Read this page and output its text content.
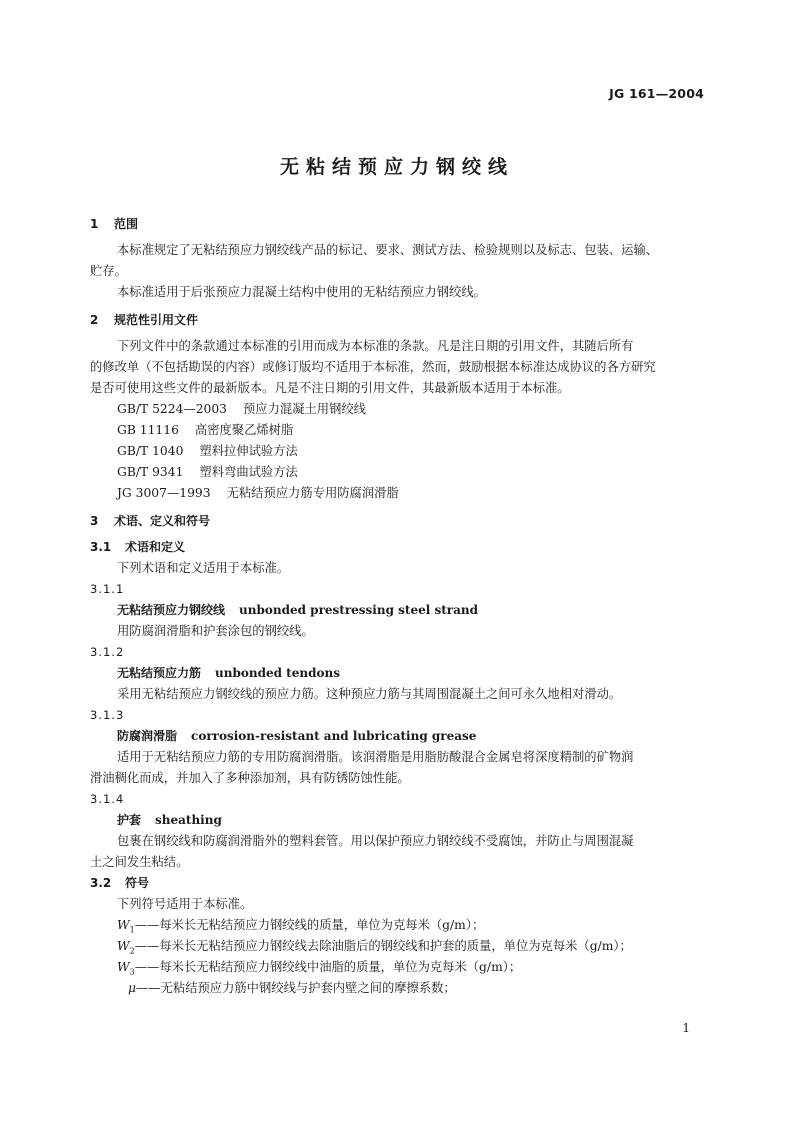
JG 161—2004
无粘结预应力钢绞线
1 范围
本标准规定了无粘结预应力钢绞线产品的标记、要求、测试方法、检验规则以及标志、包装、运输、
贮存。
本标准适用于后张预应力混凝土结构中使用的无粘结预应力钢绞线。
2 规范性引用文件
下列文件中的条款通过本标准的引用而成为本标准的条款。凡是注日期的引用文件，其随后所有
的修改单（不包括勘误的内容）或修订版均不适用于本标准，然而，鼓励根据本标准达成协议的各方研究
是否可使用这些文件的最新版本。凡是不注日期的引用文件，其最新版本适用于本标准。
GB/T 5224—2003 预应力混凝土用钢绞线
GB 11116 高密度聚乙烯树脂
GB/T 1040 塑料拉伸试验方法
GB/T 9341 塑料弯曲试验方法
JG 3007—1993 无粘结预应力筋专用防腐润滑脂
3 术语、定义和符号
3.1 术语和定义
下列术语和定义适用于本标准。
3.1.1
无粘结预应力钢绞线 unbonded prestressing steel strand
用防腐润滑脂和护套涂包的钢绞线。
3.1.2
无粘结预应力筋 unbonded tendons
采用无粘结预应力钢绞线的预应力筋。这种预应力筋与其周围混凝土之间可永久地相对滑动。
3.1.3
防腐润滑脂 corrosion-resistant and lubricating grease
适用于无粘结预应力筋的专用防腐润滑脂。该润滑脂是用脂肪酸混合金属皂将深度精制的矿物润
滑油稠化而成，并加入了多种添加剂，具有防锈防蚀性能。
3.1.4
护套 sheathing
包裹在钢绞线和防腐润滑脂外的塑料套管。用以保护预应力钢绞线不受腐蚀，并防止与周围混凝
土之间发生粘结。
3.2 符号
下列符号适用于本标准。
$W_1——$每米长无粘结预应力钢绞线的质量，单位为克每米（g/m）；
$W_2——$每米长无粘结预应力钢绞线去除油脂后的钢绞线和护套的质量，单位为克每米（g/m）；
$W_3——$每米长无粘结预应力钢绞线中油脂的质量，单位为克每米（g/m）；
μ——无粘结预应力筋中钢绞线与护套内壁之间的摩擦系数；
1
